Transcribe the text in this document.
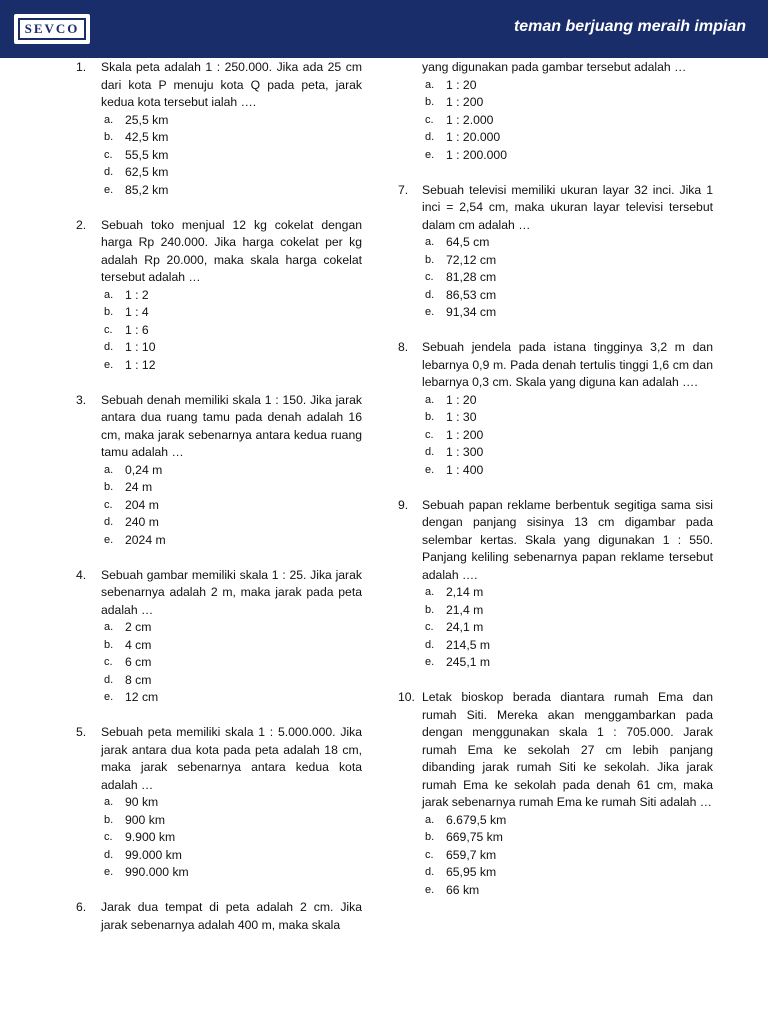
SEVCO	teman berjuang meraih impian
1. Skala peta adalah 1 : 250.000. Jika ada 25 cm dari kota P menuju kota Q pada peta, jarak kedua kota tersebut ialah ….
a. 25,5 km
b. 42,5 km
c. 55,5 km
d. 62,5 km
e. 85,2 km
2. Sebuah toko menjual 12 kg cokelat dengan harga Rp 240.000. Jika harga cokelat per kg adalah Rp 20.000, maka skala harga cokelat tersebut adalah …
a. 1 : 2
b. 1 : 4
c. 1 : 6
d. 1 : 10
e. 1 : 12
3. Sebuah denah memiliki skala 1 : 150. Jika jarak antara dua ruang tamu pada denah adalah 16 cm, maka jarak sebenarnya antara kedua ruang tamu adalah …
a. 0,24 m
b. 24 m
c. 204 m
d. 240 m
e. 2024 m
4. Sebuah gambar memiliki skala 1 : 25. Jika jarak sebenarnya adalah 2 m, maka jarak pada peta adalah …
a. 2 cm
b. 4 cm
c. 6 cm
d. 8 cm
e. 12 cm
5. Sebuah peta memiliki skala 1 : 5.000.000. Jika jarak antara dua kota pada peta adalah 18 cm, maka jarak sebenarnya antara kedua kota adalah …
a. 90 km
b. 900 km
c. 9.900 km
d. 99.000 km
e. 990.000 km
6. Jarak dua tempat di peta adalah 2 cm. Jika jarak sebenarnya adalah 400 m, maka skala
yang digunakan pada gambar tersebut adalah …
a. 1 : 20
b. 1 : 200
c. 1 : 2.000
d. 1 : 20.000
e. 1 : 200.000
7. Sebuah televisi memiliki ukuran layar 32 inci. Jika 1 inci = 2,54 cm, maka ukuran layar televisi tersebut dalam cm adalah …
a. 64,5 cm
b. 72,12 cm
c. 81,28 cm
d. 86,53 cm
e. 91,34 cm
8. Sebuah jendela pada istana tingginya 3,2 m dan lebarnya 0,9 m. Pada denah tertulis tinggi 1,6 cm dan lebarnya 0,3 cm. Skala yang diguna kan adalah ….
a. 1 : 20
b. 1 : 30
c. 1 : 200
d. 1 : 300
e. 1 : 400
9. Sebuah papan reklame berbentuk segitiga sama sisi dengan panjang sisinya 13 cm digambar pada selembar kertas. Skala yang digunakan 1 : 550. Panjang keliling sebenarnya papan reklame tersebut adalah ….
a. 2,14 m
b. 21,4 m
c. 24,1 m
d. 214,5 m
e. 245,1 m
10. Letak bioskop berada diantara rumah Ema dan rumah Siti. Mereka akan menggambarkan pada dengan menggunakan skala 1 : 705.000. Jarak rumah Ema ke sekolah 27 cm lebih panjang dibanding jarak rumah Siti ke sekolah. Jika jarak rumah Ema ke sekolah pada denah 61 cm, maka jarak sebenarnya rumah Ema ke rumah Siti adalah …
a. 6.679,5 km
b. 669,75 km
c. 659,7 km
d. 65,95 km
e. 66 km
